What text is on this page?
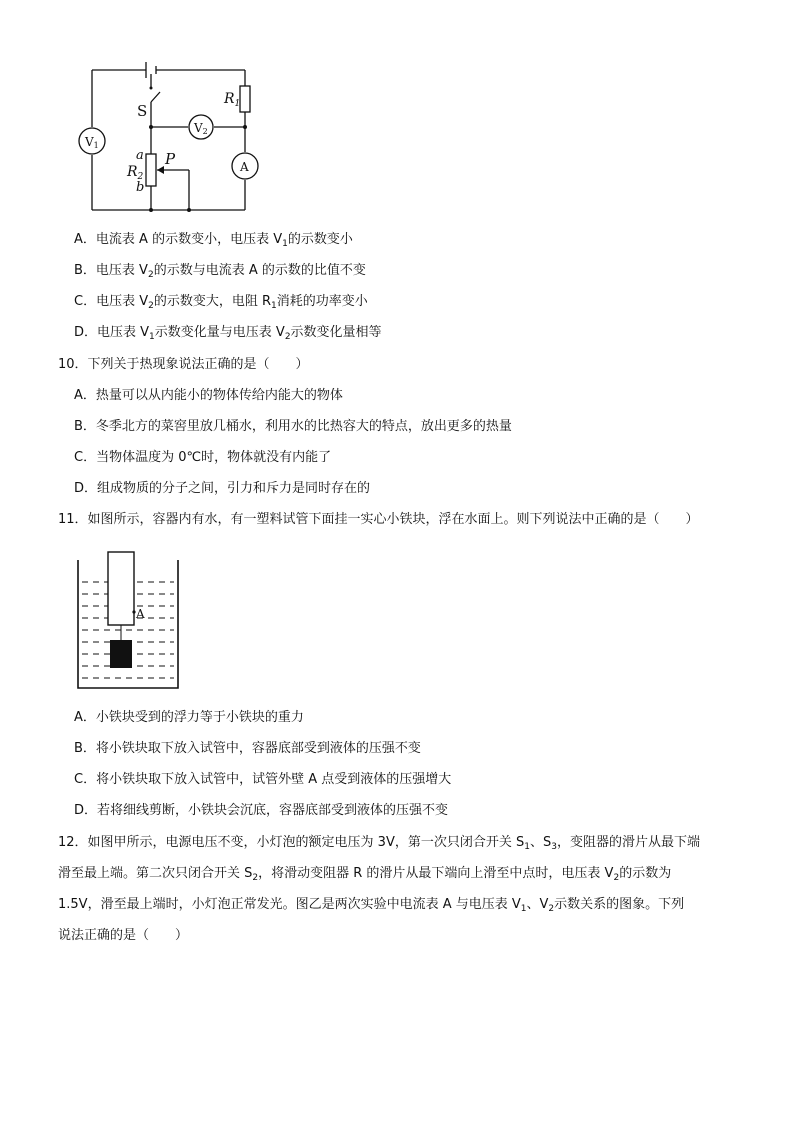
S
$R_1$
$R_2$
a
b
P
V1
V2
A
A．电流表 A 的示数变小，电压表 $V_1$的示数变小
B．电压表 $V_2$的示数与电流表 A 的示数的比值不变
C．电压表 $V_2$的示数变大，电阻 $R_1$消耗的功率变小
D．电压表 $V_1$示数变化量与电压表 $V_2$示数变化量相等
10．下列关于热现象说法正确的是（　　）
A．热量可以从内能小的物体传给内能大的物体
B．冬季北方的菜窖里放几桶水，利用水的比热容大的特点，放出更多的热量
C．当物体温度为 0℃时，物体就没有内能了
D．组成物质的分子之间，引力和斥力是同时存在的
11．如图所示，容器内有水，有一塑料试管下面挂一实心小铁块，浮在水面上。则下列说法中正确的是（　　）
A
A．小铁块受到的浮力等于小铁块的重力
B．将小铁块取下放入试管中，容器底部受到液体的压强不变
C．将小铁块取下放入试管中，试管外壁 A 点受到液体的压强增大
D．若将细线剪断，小铁块会沉底，容器底部受到液体的压强不变
12．如图甲所示，电源电压不变，小灯泡的额定电压为 3V，第一次只闭合开关 $S_1$、$S_3$，变阻器的滑片从最下端
滑至最上端。第二次只闭合开关 $S_2$，将滑动变阻器 R 的滑片从最下端向上滑至中点时，电压表 $V_2$的示数为
1.5V，滑至最上端时，小灯泡正常发光。图乙是两次实验中电流表 A 与电压表 $V_1$、$V_2$示数关系的图象。下列
说法正确的是（　　）
